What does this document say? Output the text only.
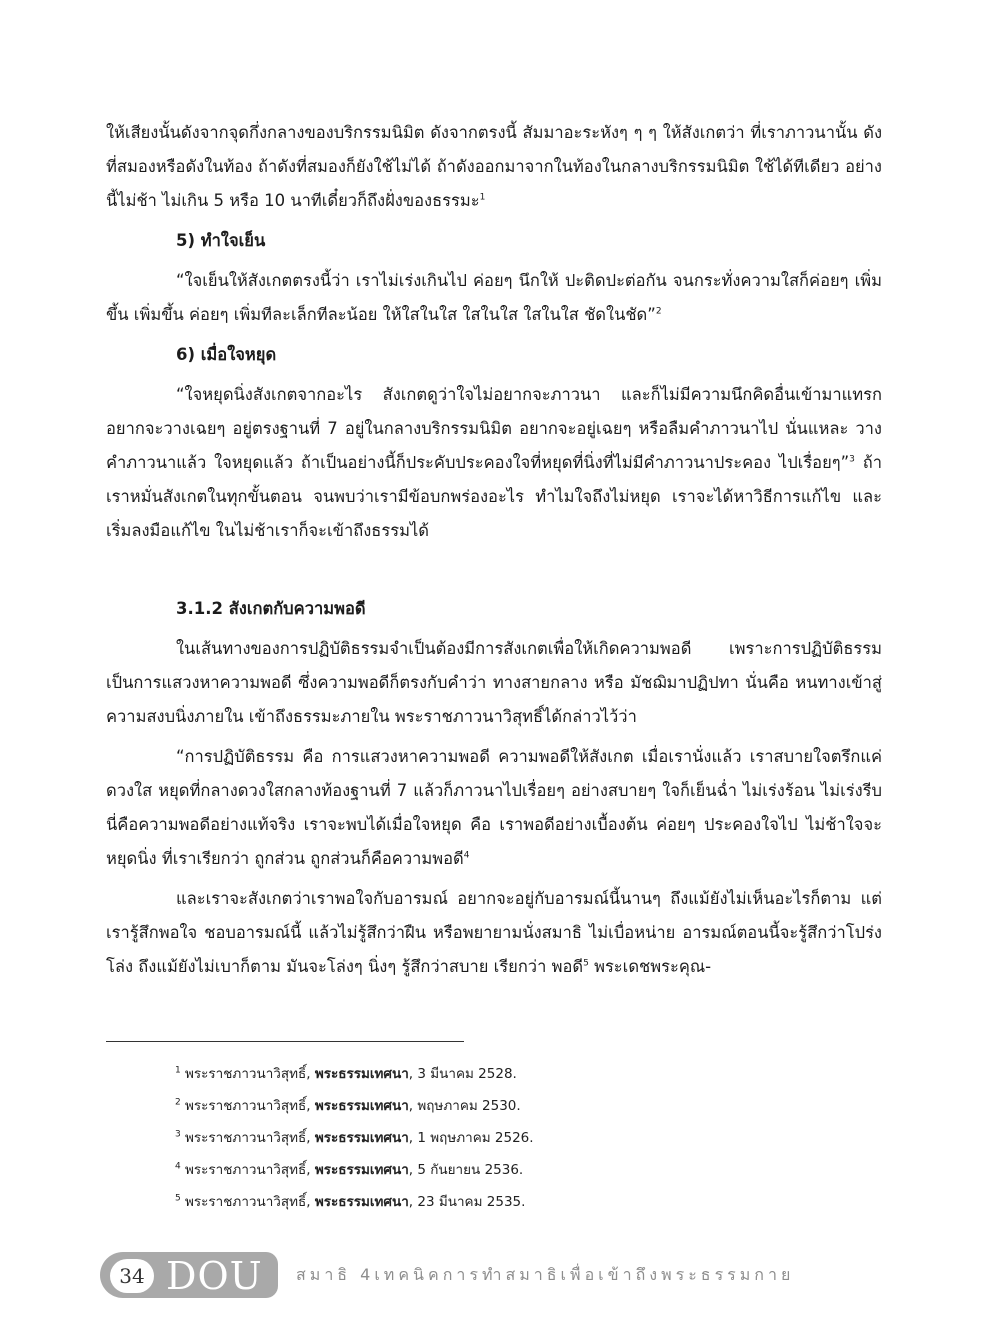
ให้เสียงนั้นดังจากจุดกึ่งกลางของบริกรรมนิมิต ดังจากตรงนี้ สัมมาอะระหังๆ ๆ ๆ ให้สังเกตว่า ที่เราภาวนานั้น ดังที่สมองหรือดังในท้อง ถ้าดังที่สมองก็ยังใช้ไม่ได้ ถ้าดังออกมาจากในท้องในกลางบริกรรมนิมิต ใช้ได้ทีเดียว อย่างนี้ไม่ช้า ไม่เกิน 5 หรือ 10 นาทีเดี๋ยวก็ถึงฝั่งของธรรมะ$^1$

5) ทำใจเย็น

“ใจเย็นให้สังเกตตรงนี้ว่า เราไม่เร่งเกินไป ค่อยๆ นึกให้ ปะติดปะต่อกัน จนกระทั่งความใสก็ค่อยๆ เพิ่มขึ้น เพิ่มขึ้น ค่อยๆ เพิ่มทีละเล็กทีละน้อย ให้ใสในใส ใสในใส ใสในใส ชัดในชัด”$^2$

6) เมื่อใจหยุด

“ใจหยุดนิ่งสังเกตจากอะไร สังเกตดูว่าใจไม่อยากจะภาวนา และก็ไม่มีความนึกคิดอื่นเข้ามาแทรก อยากจะวางเฉยๆ อยู่ตรงฐานที่ 7 อยู่ในกลางบริกรรมนิมิต อยากจะอยู่เฉยๆ หรือลืมคำภาวนาไป นั่นแหละ วางคำภาวนาแล้ว ใจหยุดแล้ว ถ้าเป็นอย่างนี้ก็ประคับประคองใจที่หยุดที่นิ่งที่ไม่มีคำภาวนาประคอง ไปเรื่อยๆ”$^3$ ถ้าเราหมั่นสังเกตในทุกขั้นตอน จนพบว่าเรามีข้อบกพร่องอะไร ทำไมใจถึงไม่หยุด เราจะได้หาวิธีการแก้ไข และเริ่มลงมือแก้ไข ในไม่ช้าเราก็จะเข้าถึงธรรมได้

3.1.2 สังเกตกับความพอดี

ในเส้นทางของการปฏิบัติธรรมจำเป็นต้องมีการสังเกตเพื่อให้เกิดความพอดี เพราะการปฏิบัติธรรม เป็นการแสวงหาความพอดี ซึ่งความพอดีก็ตรงกับคำว่า ทางสายกลาง หรือ มัชฌิมาปฏิปทา นั่นคือ หนทางเข้าสู่ความสงบนิ่งภายใน เข้าถึงธรรมะภายใน พระราชภาวนาวิสุทธิ์ได้กล่าวไว้ว่า

“การปฏิบัติธรรม คือ การแสวงหาความพอดี ความพอดีให้สังเกต เมื่อเรานั่งแล้ว เราสบายใจตรึกแค่ดวงใส หยุดที่กลางดวงใสกลางท้องฐานที่ 7 แล้วก็ภาวนาไปเรื่อยๆ อย่างสบายๆ ใจก็เย็นฉ่ำ ไม่เร่งร้อน ไม่เร่งรีบ นี่คือความพอดีอย่างแท้จริง เราจะพบได้เมื่อใจหยุด คือ เราพอดีอย่างเบื้องต้น ค่อยๆ ประคองใจไป ไม่ช้าใจจะหยุดนิ่ง ที่เราเรียกว่า ถูกส่วน ถูกส่วนก็คือความพอดี$^4$

และเราจะสังเกตว่าเราพอใจกับอารมณ์ อยากจะอยู่กับอารมณ์นี้นานๆ ถึงแม้ยังไม่เห็นอะไรก็ตาม แต่เรารู้สึกพอใจ ชอบอารมณ์นี้ แล้วไม่รู้สึกว่าฝืน หรือพยายามนั่งสมาธิ ไม่เบื่อหน่าย อารมณ์ตอนนี้จะรู้สึกว่าโปร่ง โล่ง ถึงแม้ยังไม่เบาก็ตาม มันจะโล่งๆ นิ่งๆ รู้สึกว่าสบาย เรียกว่า พอดี$^5$ พระเดชพระคุณ-

$^1$ พระราชภาวนาวิสุทธิ์, พระธรรมเทศนา, 3 มีนาคม 2528.
$^2$ พระราชภาวนาวิสุทธิ์, พระธรรมเทศนา, พฤษภาคม 2530.
$^3$ พระราชภาวนาวิสุทธิ์, พระธรรมเทศนา, 1 พฤษภาคม 2526.
$^4$ พระราชภาวนาวิสุทธิ์, พระธรรมเทศนา, 5 กันยายน 2536.
$^5$ พระราชภาวนาวิสุทธิ์, พระธรรมเทศนา, 23 มีนาคม 2535.
34 DOU สมาธิ 4เทคนิคการทำสมาธิเพื่อเข้าถึงพระธรรมกาย
